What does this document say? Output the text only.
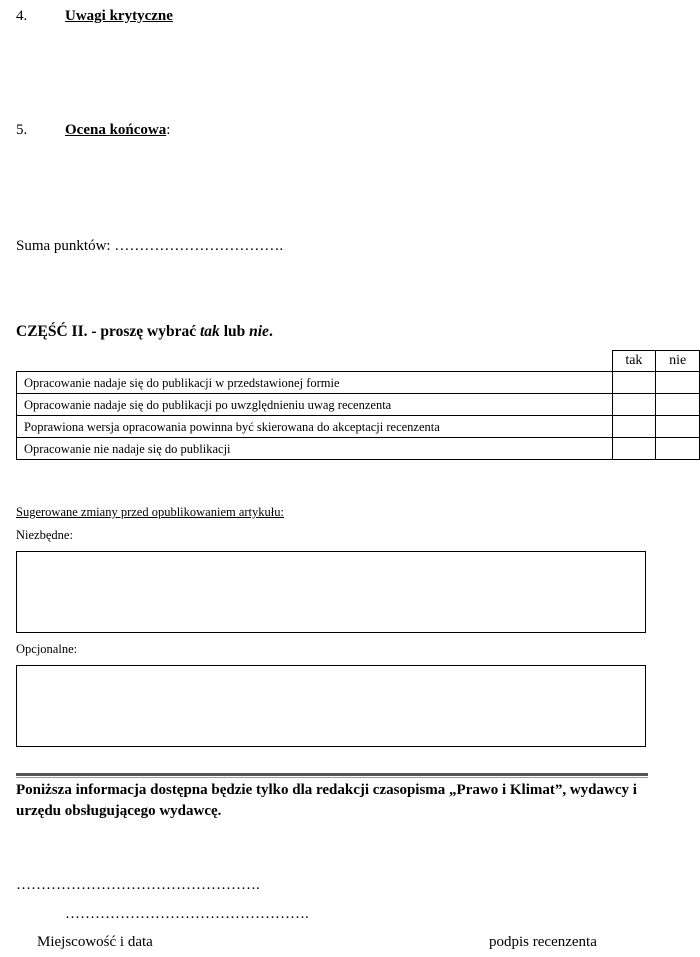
4.	Uwagi krytyczne
5.	Ocena końcowa:
Suma punktów: …………………………….
CZĘŚĆ II. - proszę wybrać tak lub nie.
	tak	nie
Opracowanie nadaje się do publikacji w przedstawionej formie		
Opracowanie nadaje się do publikacji po uwzględnieniu uwag recenzenta		
Poprawiona wersja opracowania powinna być skierowana do akceptacji recenzenta		
Opracowanie nie nadaje się do publikacji		
Sugerowane zmiany przed opublikowaniem artykułu:
Niezbędne:
Opcjonalne:
Poniższa informacja dostępna będzie tylko dla redakcji czasopisma „Prawo i Klimat”, wydawcy i urzędu obsługującego wydawcę.
………………………………………….
………………………………………….
Miejscowość i data	podpis recenzenta
